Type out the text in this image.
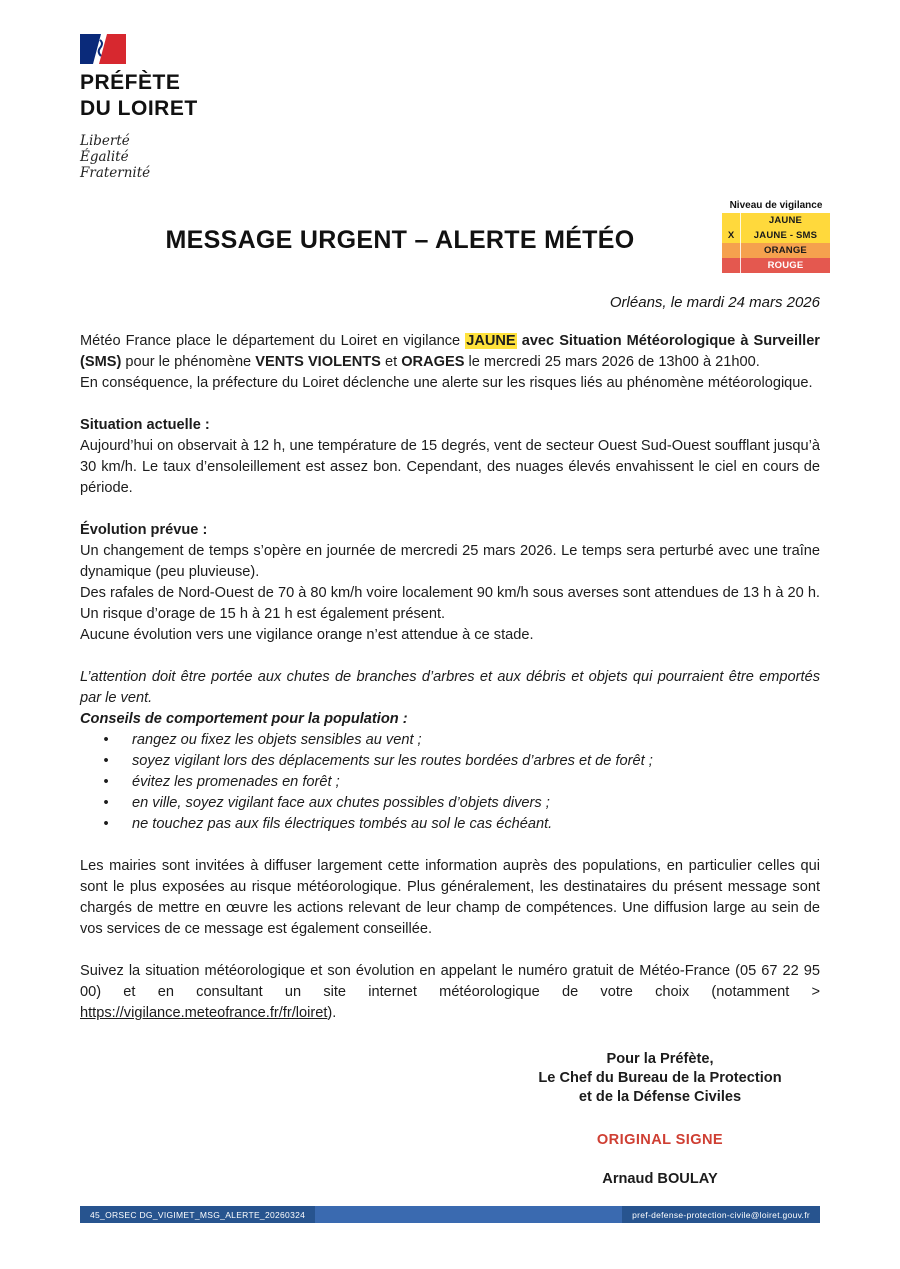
PRÉFÈTE
DU LOIRET
Liberté
Égalité
Fraternité
MESSAGE URGENT – ALERTE MÉTÉO
Niveau de vigilance
JAUNE
X	JAUNE - SMS
ORANGE
ROUGE
Orléans, le mardi 24 mars 2026

Météo France place le département du Loiret en vigilance JAUNE avec Situation Météorologique à Surveiller (SMS) pour le phénomène VENTS VIOLENTS et ORAGES le mercredi 25 mars 2026 de 13h00 à 21h00.

En conséquence, la préfecture du Loiret déclenche une alerte sur les risques liés au phénomène météorologique.

Situation actuelle :

Aujourd’hui on observait à 12 h, une température de 15 degrés, vent de secteur Ouest Sud-Ouest soufflant jusqu’à 30 km/h. Le taux d’ensoleillement est assez bon. Cependant, des nuages élevés envahissent le ciel en cours de période.

Évolution prévue :

Un changement de temps s’opère en journée de mercredi 25 mars 2026. Le temps sera perturbé avec une traîne dynamique (peu pluvieuse).

Des rafales de Nord-Ouest de 70 à 80 km/h voire localement 90 km/h sous averses sont attendues de 13 h à 20 h. Un risque d’orage de 15 h à 21 h est également présent.

Aucune évolution vers une vigilance orange n’est attendue à ce stade.

L’attention doit être portée aux chutes de branches d’arbres et aux débris et objets qui pourraient être emportés par le vent.

Conseils de comportement pour la population :

•	rangez ou fixez les objets sensibles au vent ;
•	soyez vigilant lors des déplacements sur les routes bordées d’arbres et de forêt ;
•	évitez les promenades en forêt ;
•	en ville, soyez vigilant face aux chutes possibles d’objets divers ;
•	ne touchez pas aux fils électriques tombés au sol le cas échéant.

Les mairies sont invitées à diffuser largement cette information auprès des populations, en particulier celles qui sont le plus exposées au risque météorologique. Plus généralement, les destinataires du présent message sont chargés de mettre en œuvre les actions relevant de leur champ de compétences. Une diffusion large au sein de vos services de ce message est également conseillée.

Suivez la situation météorologique et son évolution en appelant le numéro gratuit de Météo-France (05 67 22 95 00) et en consultant un site internet météorologique de votre choix (notamment > https://vigilance.meteofrance.fr/fr/loiret).

Pour la Préfète,
Le Chef du Bureau de la Protection
et de la Défense Civiles
ORIGINAL SIGNE
Arnaud BOULAY
45_ORSEC DG_VIGIMET_MSG_ALERTE_20260324	pref-defense-protection-civile@loiret.gouv.fr
